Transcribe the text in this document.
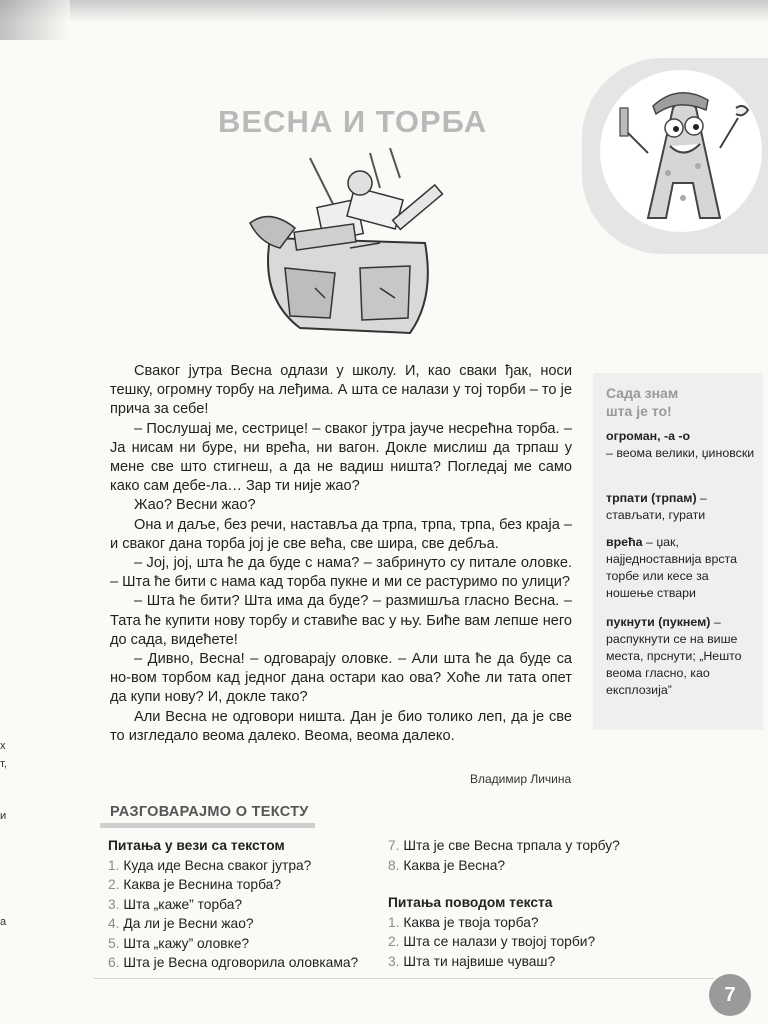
х
т,
и
а
ВЕСНА И ТОРБА

Сваког јутра Весна одлази у школу. И, као сваки ђак, носи тешку, огромну торбу на леђима. А шта се налази у тој торби – то је прича за себе!

– Послушај ме, сестрице! – сваког јутра јауче несрећна торба. – Ја нисам ни буре, ни врећа, ни вагон. Докле мислиш да трпаш у мене све што стигнеш, а да не вадиш ништа? Погледај ме само како сам дебе-ла… Зар ти није жао?

Жао? Весни жао?

Она и даље, без речи, наставља да трпа, трпа, трпа, без краја – и сваког дана торба јој је све већа, све шира, све дебља.

– Јој, јој, шта ће да буде с нама? – забринуто су питале оловке. – Шта ће бити с нама кад торба пукне и ми се растуримо по улици?

– Шта ће бити? Шта има да буде? – размишља гласно Весна. – Тата ће купити нову торбу и ставиће вас у њу. Биће вам лепше него до сада, видећете!

– Дивно, Весна! – одговарају оловке. – Али шта ће да буде са но-вом торбом кад једног дана остари као ова? Хоће ли тата опет да купи нову? И, докле тако?

Али Весна не одговори ништа. Дан је био толико леп, да је све то изгледало веома далеко. Веома, веома далеко.

Владимир Личина
Сада знам
шта је то!
огроман, -а -о
– веома велики, џиновски
трпати (трпам) – стављати, гурати
врећа – џак, најједноставнија врста торбе или кесе за ношење ствари
пукнути (пукнем) – распукнути се на више места, прснути; „Нешто веома гласно, као експлозија”
РАЗГОВАРАЈМО О ТЕКСТУ
Питања у вези са текстом
1. Куда иде Весна сваког јутра?
2. Каква је Веснина торба?
3. Шта „каже” торба?
4. Да ли је Весни жао?
5. Шта „кажу” оловке?
6. Шта је Весна одговорила оловкама?
7. Шта је све Весна трпала у торбу?
8. Каква је Весна?
Питања поводом текста
1. Каква је твоја торба?
2. Шта се налази у твојој торби?
3. Шта ти највише чуваш?
7
